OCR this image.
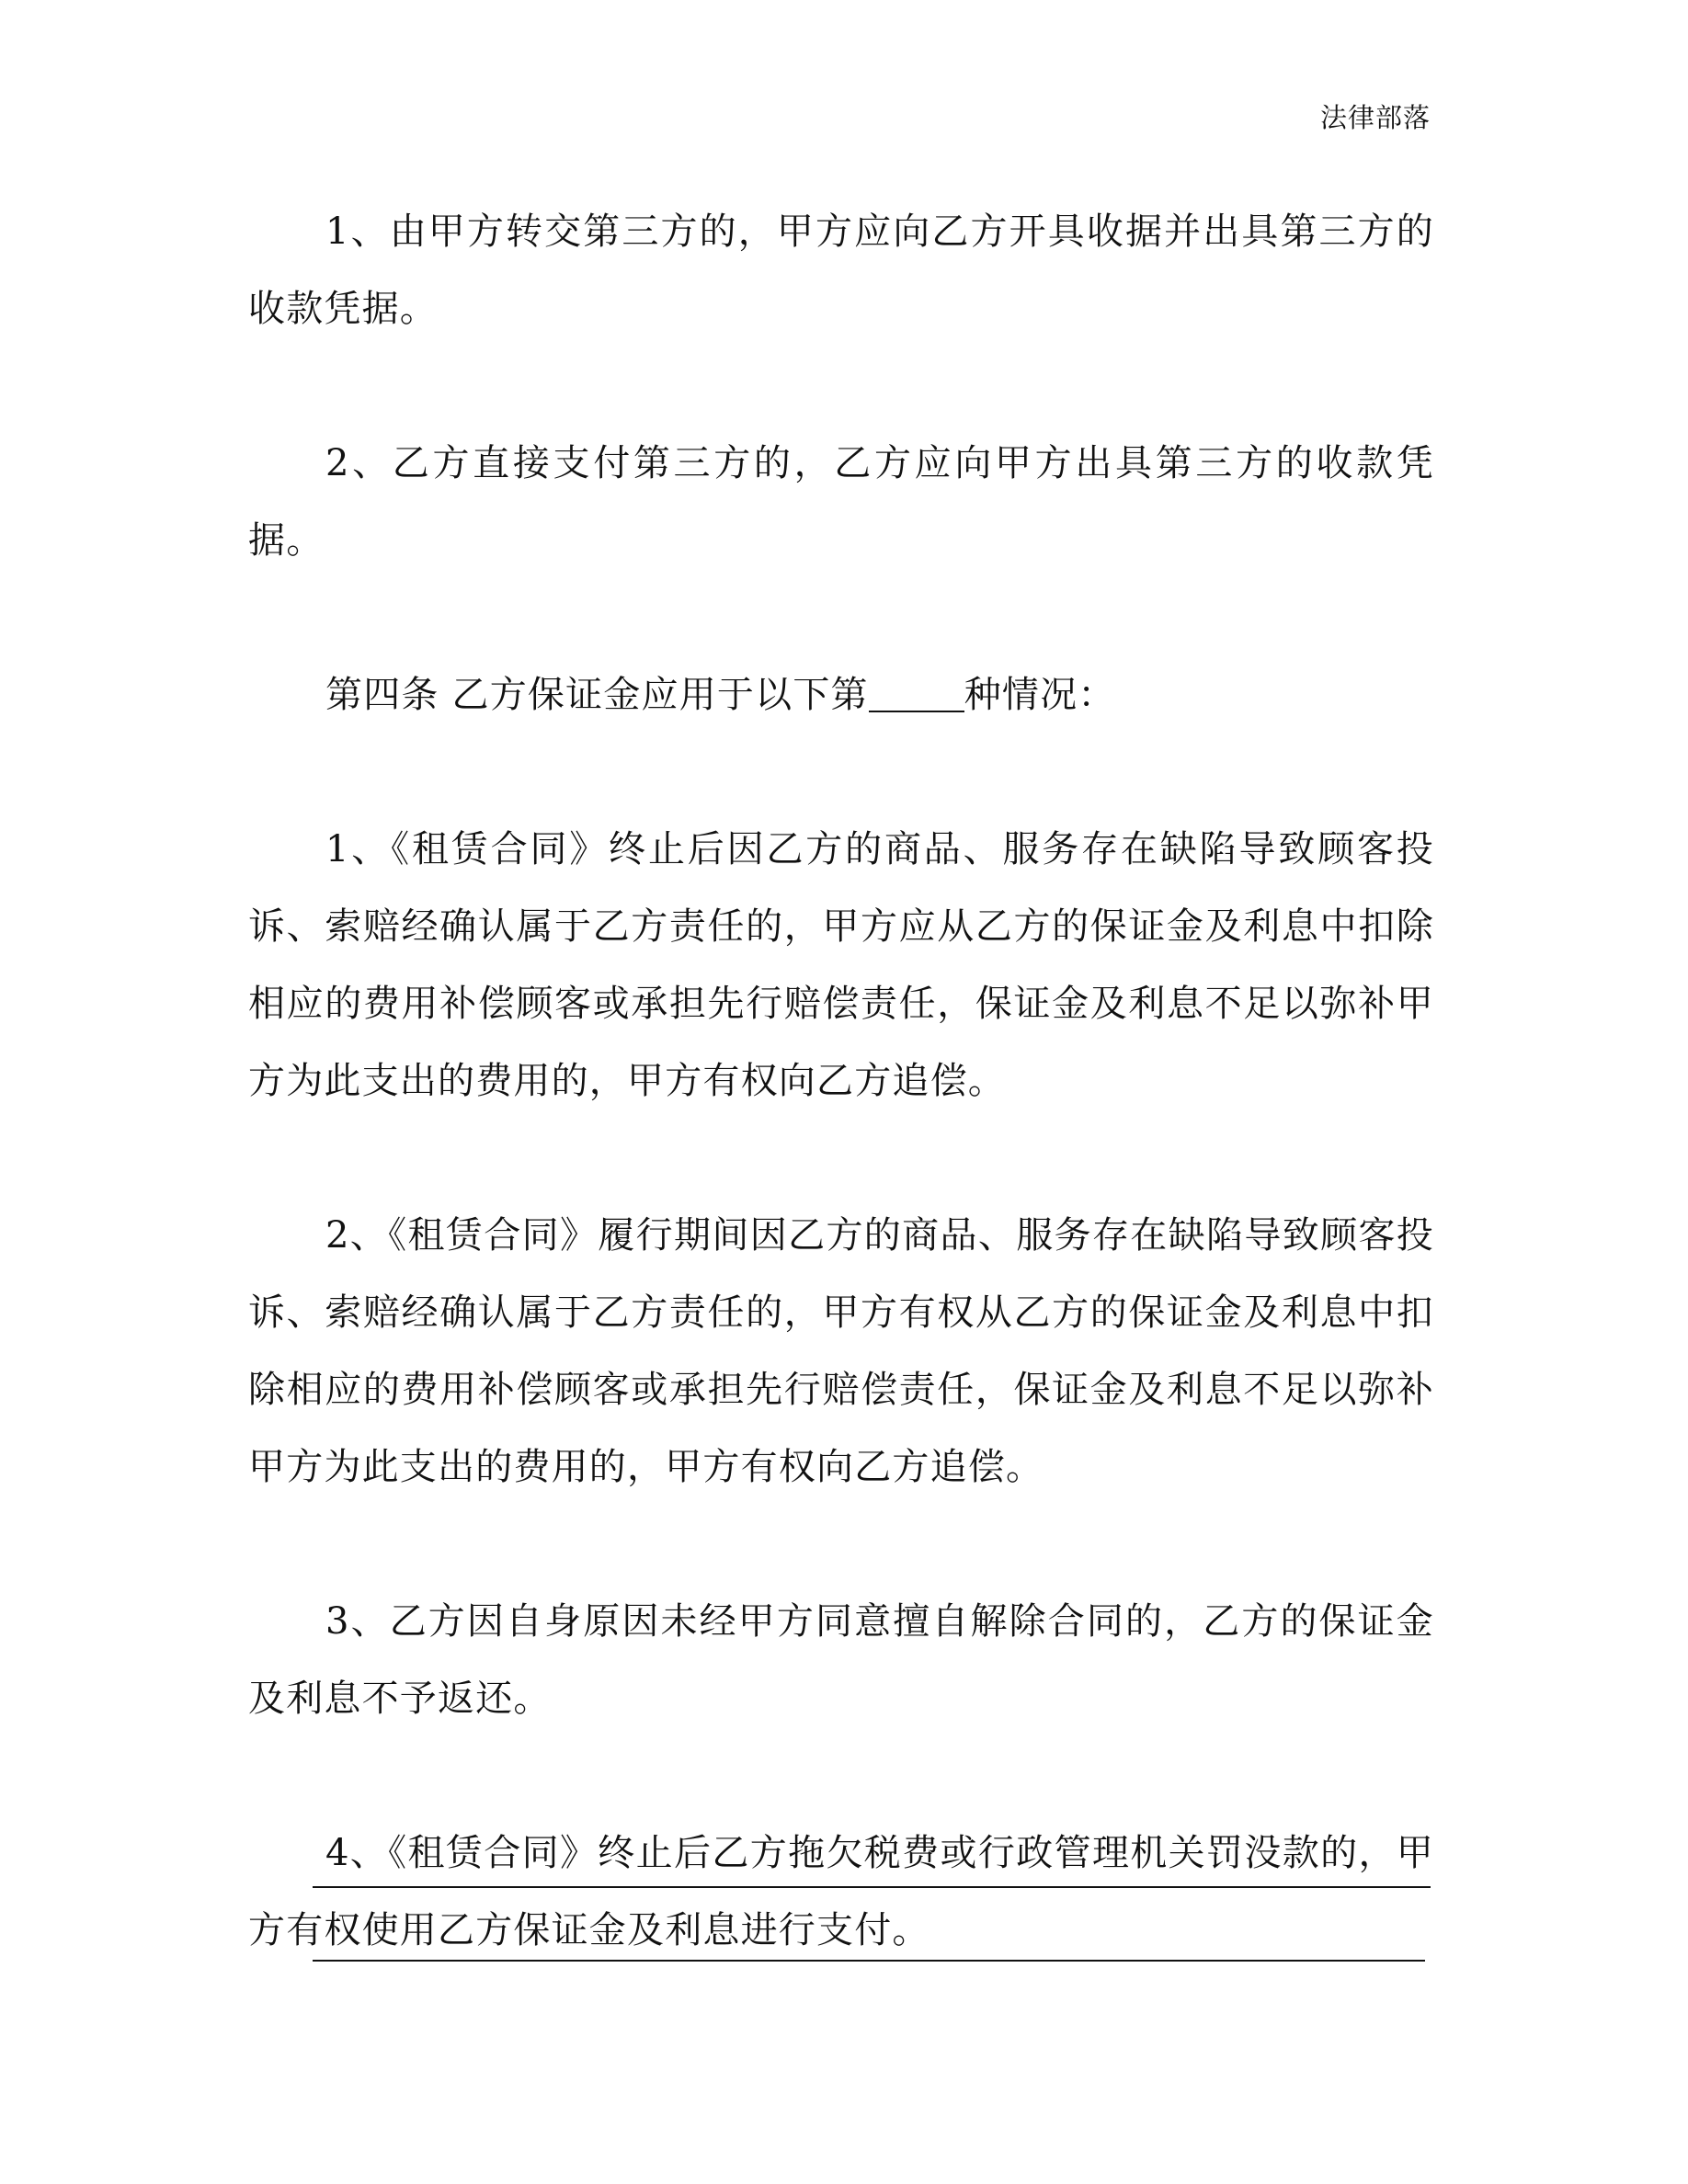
法律部落

1、由甲方转交第三方的，甲方应向乙方开具收据并出具第三方的收款凭据。

2、乙方直接支付第三方的，乙方应向甲方出具第三方的收款凭据。

第四条 乙方保证金应用于以下第	种情况：

1、《租赁合同》终止后因乙方的商品、服务存在缺陷导致顾客投诉、索赔经确认属于乙方责任的，甲方应从乙方的保证金及利息中扣除相应的费用补偿顾客或承担先行赔偿责任，保证金及利息不足以弥补甲方为此支出的费用的，甲方有权向乙方追偿。

2、《租赁合同》履行期间因乙方的商品、服务存在缺陷导致顾客投诉、索赔经确认属于乙方责任的，甲方有权从乙方的保证金及利息中扣除相应的费用补偿顾客或承担先行赔偿责任，保证金及利息不足以弥补甲方为此支出的费用的，甲方有权向乙方追偿。

3、乙方因自身原因未经甲方同意擅自解除合同的，乙方的保证金及利息不予返还。

4、《租赁合同》终止后乙方拖欠税费或行政管理机关罚没款的，甲方有权使用乙方保证金及利息进行支付。
